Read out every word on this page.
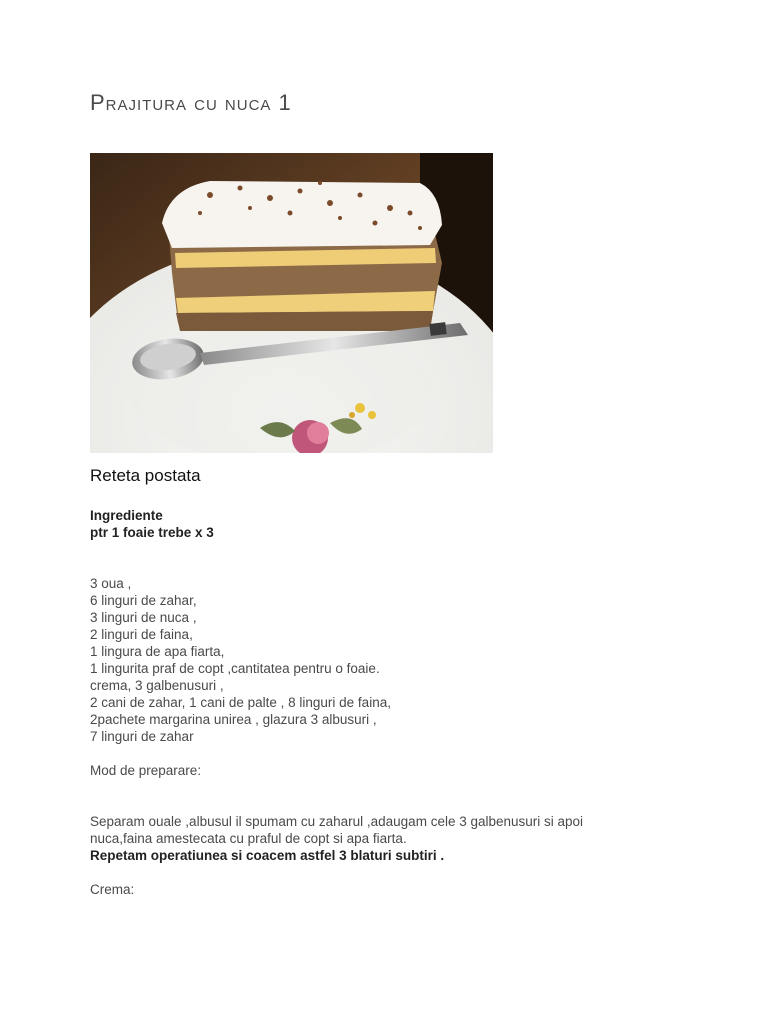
Prajitura cu nuca 1
Reteta postata
Ingrediente
ptr 1 foaie trebe x 3
3 oua ,
6 linguri de zahar,
3 linguri de nuca ,
2 linguri de faina,
1 lingura de apa fiarta,
1 lingurita praf de copt ,cantitatea pentru o foaie.
crema, 3 galbenusuri ,
2 cani de zahar, 1 cani de palte , 8 linguri de faina,
2pachete margarina unirea , glazura 3 albusuri ,
7 linguri de zahar
Mod de preparare:
Separam ouale ,albusul il spumam cu zaharul ,adaugam cele 3 galbenusuri si apoi
nuca,faina amestecata cu praful de copt si apa fiarta.
Repetam operatiunea si coacem astfel 3 blaturi subtiri .
Crema:
